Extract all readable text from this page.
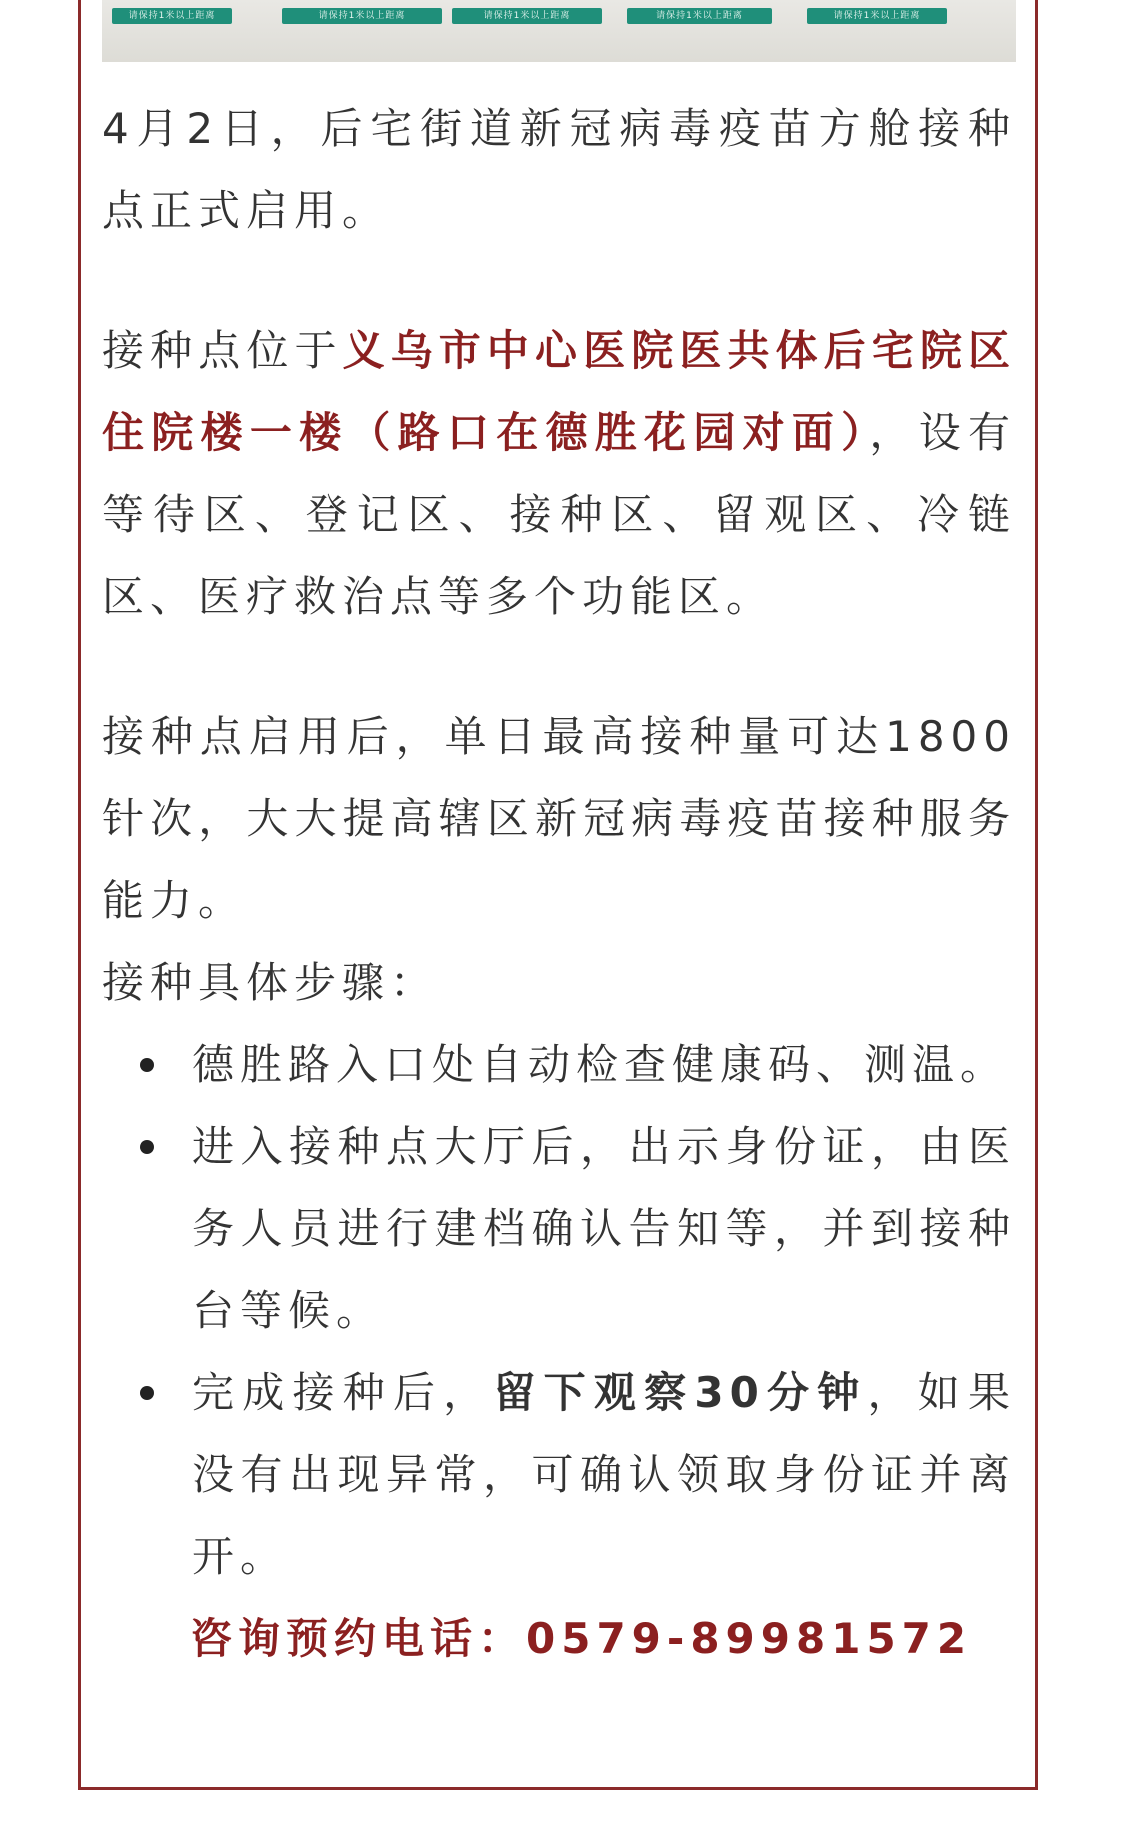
请保持1米以上距离	请保持1米以上距离	请保持1米以上距离	请保持1米以上距离	请保持1米以上距离

4月2日，后宅街道新冠病毒疫苗方舱接种点正式启用。

接种点位于义乌市中心医院医共体后宅院区住院楼一楼（路口在德胜花园对面），设有等待区、登记区、接种区、留观区、冷链区、医疗救治点等多个功能区。

接种点启用后，单日最高接种量可达1800针次，大大提高辖区新冠病毒疫苗接种服务能力。

接种具体步骤：

德胜路入口处自动检查健康码、测温。
进入接种点大厅后，出示身份证，由医务人员进行建档确认告知等，并到接种台等候。
完成接种后，留下观察30分钟，如果没有出现异常，可确认领取身份证并离开。
咨询预约电话：0579-89981572
